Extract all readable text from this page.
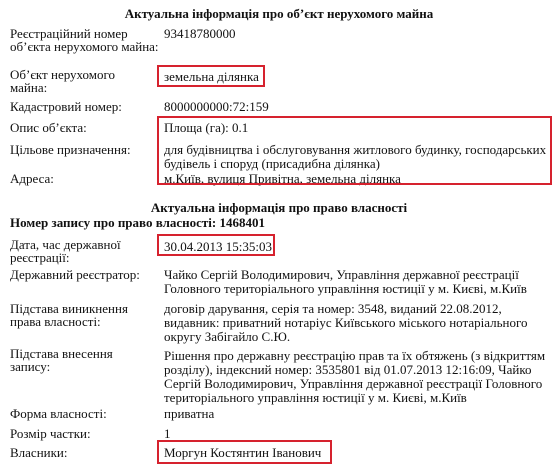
Актуальна інформація про об’єкт нерухомого майна
Реєстраційний номер об’єкта нерухомого майна:
93418780000
Об’єкт нерухомого майна:
земельна ділянка
Кадастровий номер:	8000000000:72:159
Опис об’єкта:	Площа (га): 0.1
Цільове призначення:	для будівництва і обслуговування житлового будинку, господарських будівель і споруд (присадибна ділянка)
Адреса:	м.Київ, вулиця Привітна, земельна ділянка
Актуальна інформація про право власності
Номер запису про право власності: 1468401
Дата, час державної реєстрації:
30.04.2013 15:35:03
Державний реєстратор:	Чайко Сергій Володимирович, Управління державної реєстрації Головного територіального управління юстиції у м. Києві, м.Київ
Підстава виникнення права власності:
договір дарування, серія та номер: 3548, виданий 22.08.2012, видавник: приватний нотаріус Київського міського нотаріального округу Забігайло С.Ю.
Підстава внесення запису:
Рішення про державну реєстрацію прав та їх обтяжень (з відкриттям розділу), індексний номер: 3535801 від 01.07.2013 12:16:09, Чайко Сергій Володимирович, Управління державної реєстрації Головного територіального управління юстиції у м. Києві, м.Київ
Форма власності:	приватна
Розмір частки:	1
Власники:	Моргун Костянтин Іванович
